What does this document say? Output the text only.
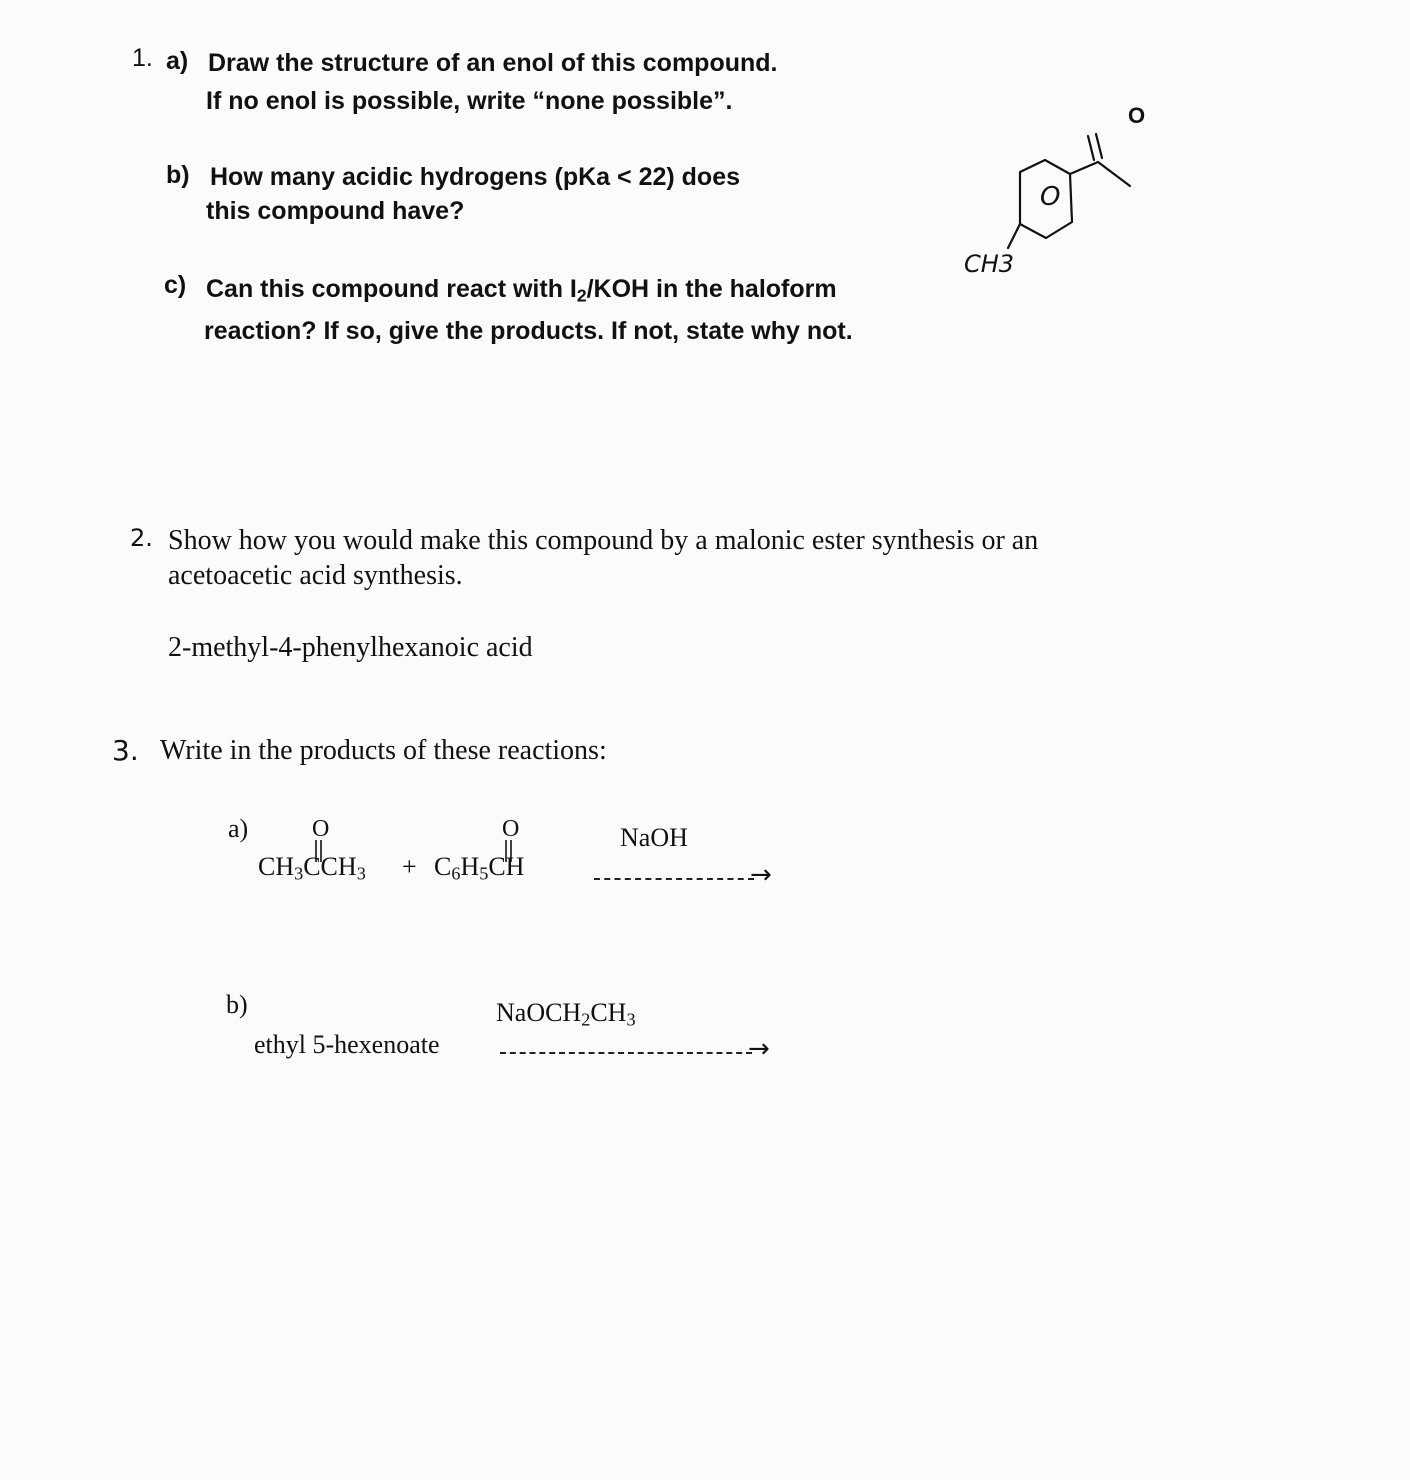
1. a) Draw the structure of an enol of this compound.
If no enol is possible, write “none possible”.
b) How many acidic hydrogens (pKa < 22) does
this compound have?
c) Can this compound react with $I_2$/KOH in the haloform
reaction? If so, give the products. If not, state why not.
O
O
CH3
2. Show how you would make this compound by a malonic ester synthesis or an
acetoacetic acid synthesis.
2-methyl-4-phenylhexanoic acid
3. Write in the products of these reactions:
a)	O
$CH_3CCH_3$ +
O
$C_6H_5CH$
NaOH
→
b)
ethyl 5-hexenoate
$NaOCH_2CH_3$
→
